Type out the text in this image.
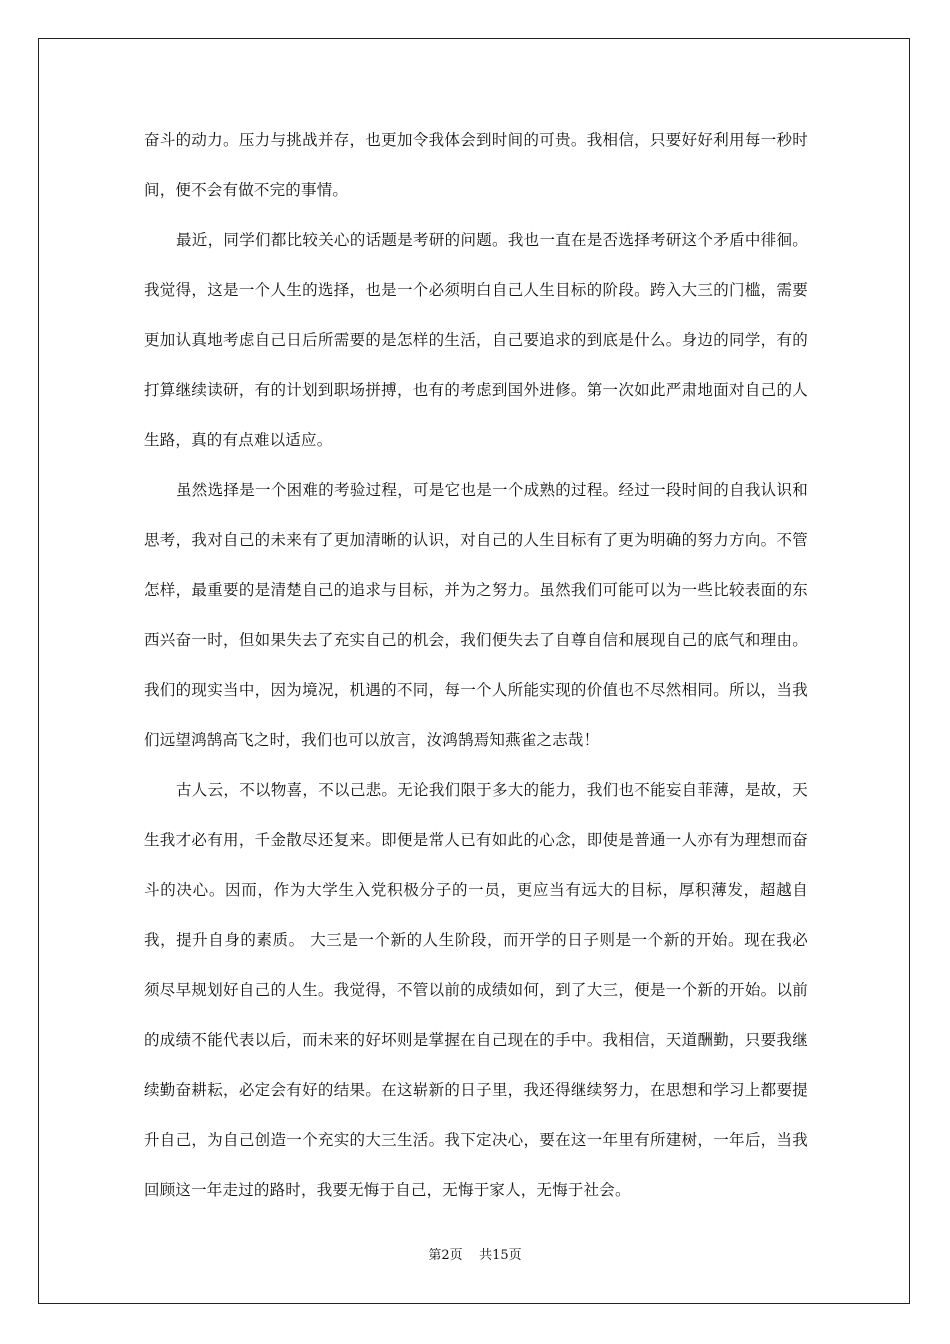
奋斗的动力。压力与挑战并存，也更加令我体会到时间的可贵。我相信，只要好好利用每一秒时间，便不会有做不完的事情。

最近，同学们都比较关心的话题是考研的问题。我也一直在是否选择考研这个矛盾中徘徊。我觉得，这是一个人生的选择，也是一个必须明白自己人生目标的阶段。跨入大三的门槛，需要更加认真地考虑自己日后所需要的是怎样的生活，自己要追求的到底是什么。身边的同学，有的打算继续读研，有的计划到职场拼搏，也有的考虑到国外进修。第一次如此严肃地面对自己的人生路，真的有点难以适应。

虽然选择是一个困难的考验过程，可是它也是一个成熟的过程。经过一段时间的自我认识和思考，我对自己的未来有了更加清晰的认识，对自己的人生目标有了更为明确的努力方向。不管怎样，最重要的是清楚自己的追求与目标，并为之努力。虽然我们可能可以为一些比较表面的东西兴奋一时，但如果失去了充实自己的机会，我们便失去了自尊自信和展现自己的底气和理由。我们的现实当中，因为境况，机遇的不同，每一个人所能实现的价值也不尽然相同。所以，当我们远望鸿鹄高飞之时，我们也可以放言，汝鸿鹄焉知燕雀之志哉！

古人云，不以物喜，不以己悲。无论我们限于多大的能力，我们也不能妄自菲薄，是故，天生我才必有用，千金散尽还复来。即便是常人已有如此的心念，即使是普通一人亦有为理想而奋斗的决心。因而，作为大学生入党积极分子的一员，更应当有远大的目标，厚积薄发，超越自我，提升自身的素质。 大三是一个新的人生阶段，而开学的日子则是一个新的开始。现在我必须尽早规划好自己的人生。我觉得，不管以前的成绩如何，到了大三，便是一个新的开始。以前的成绩不能代表以后，而未来的好坏则是掌握在自己现在的手中。我相信，天道酬勤，只要我继续勤奋耕耘，必定会有好的结果。在这崭新的日子里，我还得继续努力，在思想和学习上都要提升自己，为自己创造一个充实的大三生活。我下定决心，要在这一年里有所建树，一年后，当我回顾这一年走过的路时，我要无悔于自己，无悔于家人，无悔于社会。

第2页 共15页
